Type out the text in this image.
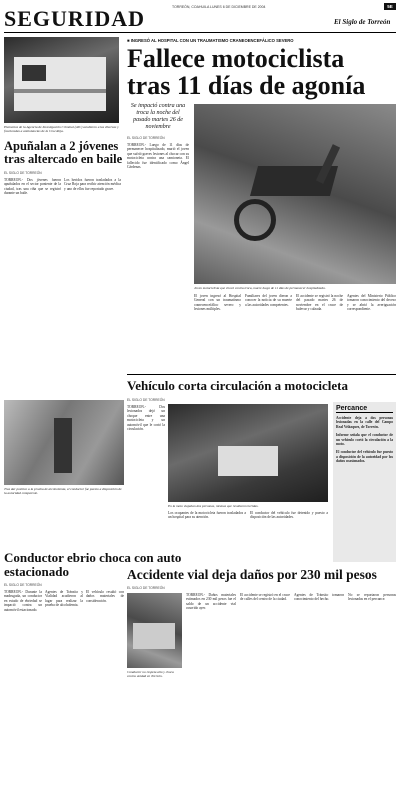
TORREÓN, COAHUILA LUNES 6 DE DICIEMBRE DE 2004	5E
SEGURIDAD	El Siglo de Torreón
Elementos de la Agencia de Investigación Criminal (AIC) acudieron a las diversas y fracturadas a ambulancias de la Cruz Roja.
Apuñalan a 2 jóvenes tras altercado en baile
EL SIGLO DE TORREÓN

TORREÓN.- Dos jóvenes fueron apuñalados en el sector poniente de la ciudad, tras una riña que se registró durante un baile.

Los heridos fueron trasladados a la Cruz Roja para recibir atención médica y uno de ellos fue reportado grave.

■ INGRESÓ AL HOSPITAL CON UN TRAUMATISMO CRANEOENCEFÁLICO SEVERO
Fallece motociclista
tras 11 días de agonía
Se impactó contra una troca la noche del pasado martes 26 de noviembre
EL SIGLO DE TORREÓN

TORREÓN.- Luego de 11 días de permanecer hospitalizado, murió el joven que sufrió graves lesiones al chocar con su motocicleta contra una camioneta. El fallecido fue identificado como Ángel Cárdenas.

Joven motociclista que chocó contra troca, muere luego de 11 días de permanecer hospitalizado.

El joven ingresó al Hospital General con un traumatismo craneoencefálico severo y lesiones múltiples.

Familiares del joven dieron a conocer la noticia de su muerte a las autoridades competentes.

El accidente se registró la noche del pasado martes 26 de noviembre en el cruce de bulevar y calzada.

Agentes del Ministerio Público tomaron conocimiento del deceso y se abrió la averiguación correspondiente.

Vehículo corta circulación a motocicleta
EL SIGLO DE TORREÓN
Tras dar positivo a la prueba de alcoholemia, el conductor fue puesto a disposición de la autoridad competente.

TORREÓN.- Dos lesionados dejó un choque entre una motocicleta y un automóvil que le cortó la circulación.

En la moto viajaban dos personas, mismas que resultaron heridas.

Los ocupantes de la motocicleta fueron trasladados a un hospital para su atención.

El conductor del vehículo fue detenido y puesto a disposición de las autoridades.

Percance
Accidente deja a dos personas lesionadas en la calle del Campo Real Velázquez, de Torreón.
Informe señala que el conductor de un vehículo cortó la circulación a la moto.
El conductor del vehículo fue puesto a disposición de la autoridad por los daños ocasionados.
Conductor ebrio choca con auto estacionado
EL SIGLO DE TORREÓN

TORREÓN.- Durante la madrugada, un conductor en estado de ebriedad se impactó contra un automóvil estacionado.

Agentes de Tránsito y Vialidad acudieron al lugar para realizar la prueba de alcoholemia.

El vehículo resultó con daños materiales de consideración.

Accidente vial deja daños por 230 mil pesos
EL SIGLO DE TORREÓN
Conductor no respeta alto y choca contra unidad en Torreón.

TORREÓN.- Daños materiales estimados en 230 mil pesos fue el saldo de un accidente vial ocurrido ayer.

El accidente se registró en el cruce de calles del centro de la ciudad.

Agentes de Tránsito tomaron conocimiento del hecho.

No se reportaron personas lesionadas en el percance.
